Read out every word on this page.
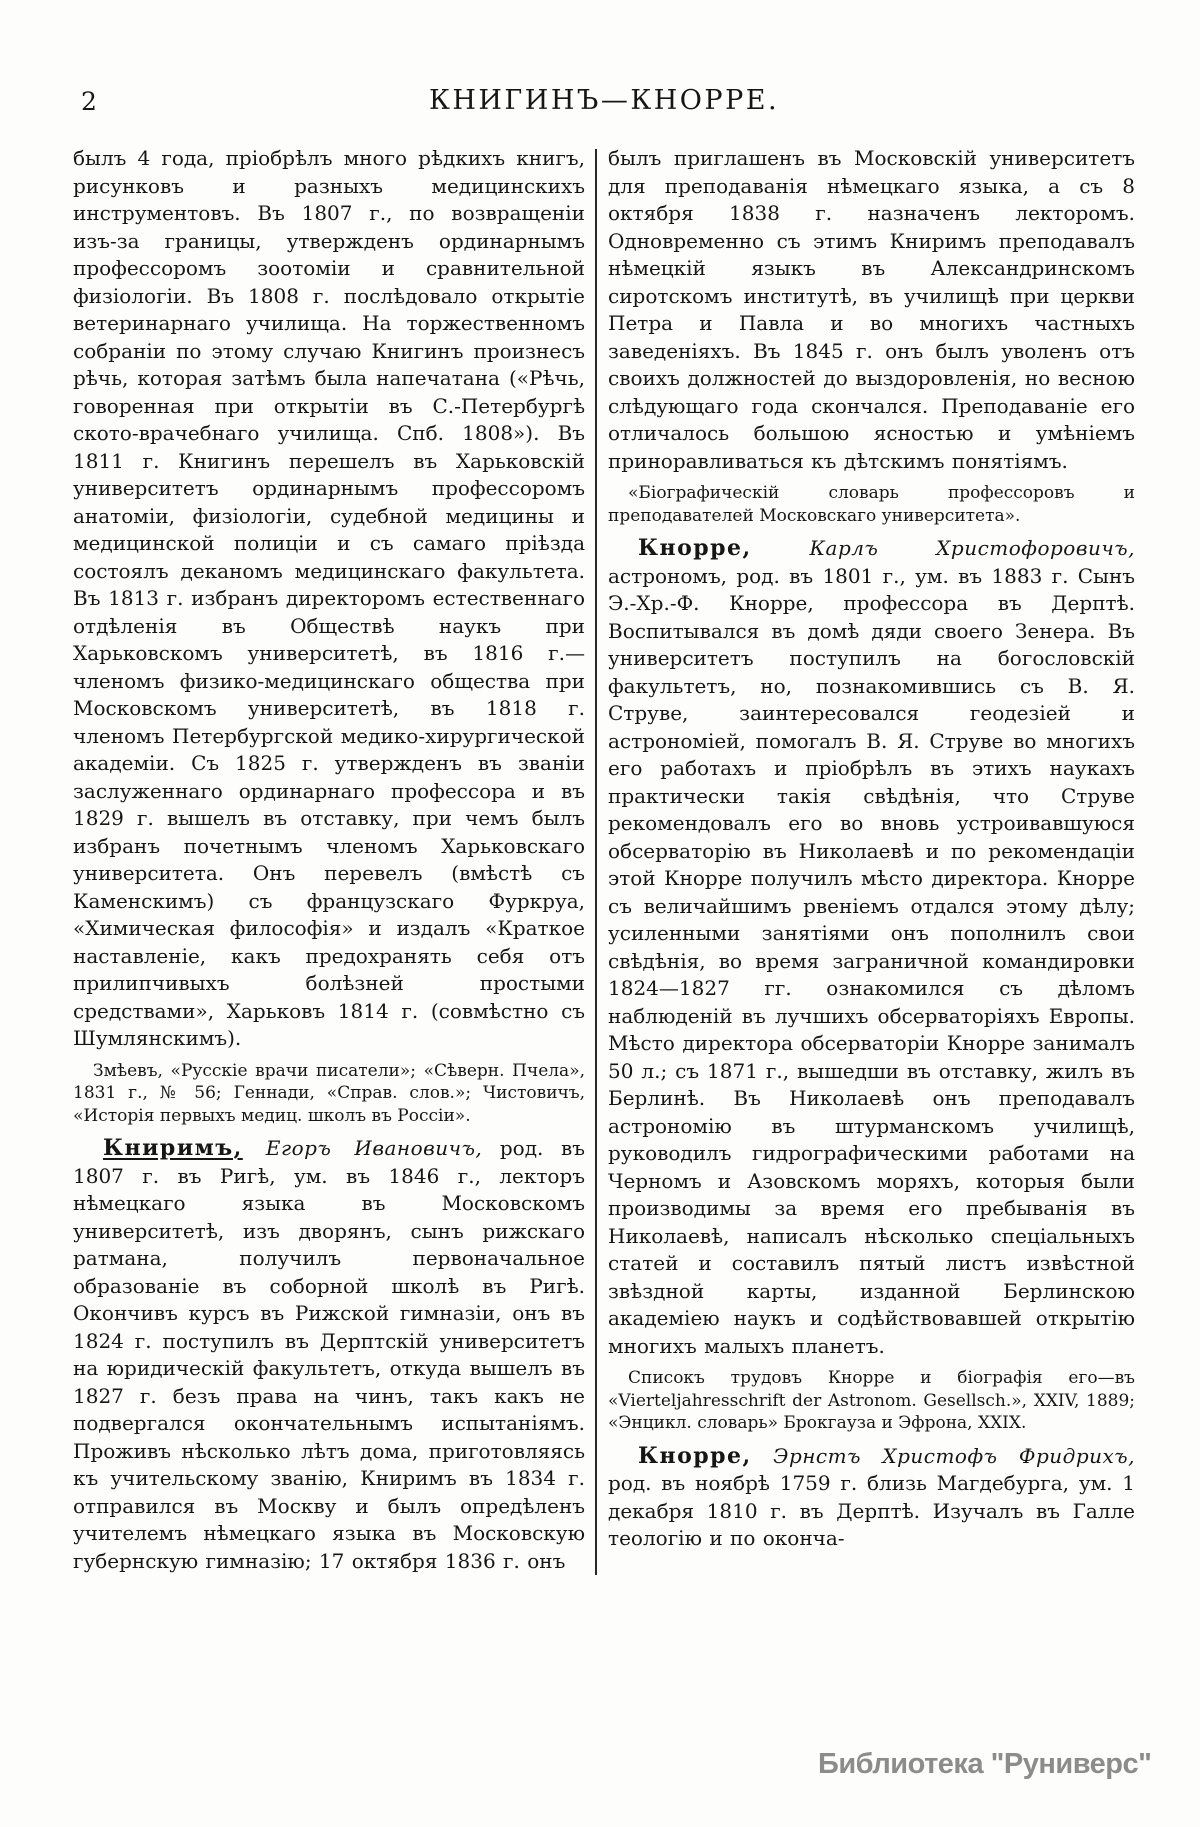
2	КНИГИНЪ—КНОРРЕ.

былъ 4 года, пріобрѣлъ много рѣдкихъ книгъ, рисунковъ и разныхъ медицинскихъ инструментовъ. Въ 1807 г., по возвращеніи изъ-за границы, утвержденъ ординарнымъ профессоромъ зоотоміи и сравнительной физіологіи. Въ 1808 г. послѣдовало открытіе ветеринарнаго училища. На торжественномъ собраніи по этому случаю Книгинъ произнесъ рѣчь, которая затѣмъ была напечатана («Рѣчь, говоренная при открытіи въ С.-Петербургѣ ското-врачебнаго училища. Спб. 1808»). Въ 1811 г. Книгинъ перешелъ въ Харьковскій университетъ ординарнымъ профессоромъ анатоміи, физіологіи, судебной медицины и медицинской полиціи и съ самаго пріѣзда состоялъ деканомъ медицинскаго факультета. Въ 1813 г. избранъ директоромъ естественнаго отдѣленія въ Обществѣ наукъ при Харьковскомъ университетѣ, въ 1816 г.—членомъ физико-медицинскаго общества при Московскомъ университетѣ, въ 1818 г. членомъ Петербургской медико-хирургической академіи. Съ 1825 г. утвержденъ въ званіи заслуженнаго ординарнаго профессора и въ 1829 г. вышелъ въ отставку, при чемъ былъ избранъ почетнымъ членомъ Харьковскаго университета. Онъ перевелъ (вмѣстѣ съ Каменскимъ) съ французскаго Фуркруа, «Химическая философія» и издалъ «Краткое наставленіе, какъ предохранять себя отъ прилипчивыхъ болѣзней простыми средствами», Харьковъ 1814 г. (совмѣстно съ Шумлянскимъ).

Змѣевъ, «Русскіе врачи писатели»; «Сѣверн. Пчела», 1831 г., № 56; Геннади, «Справ. слов.»; Чистовичъ, «Исторія первыхъ медиц. школъ въ Россіи».

Книримъ, Егоръ Ивановичъ, род. въ 1807 г. въ Ригѣ, ум. въ 1846 г., лекторъ нѣмецкаго языка въ Московскомъ университетѣ, изъ дворянъ, сынъ рижскаго ратмана, получилъ первоначальное образованіе въ соборной школѣ въ Ригѣ. Окончивъ курсъ въ Рижской гимназіи, онъ въ 1824 г. поступилъ въ Дерптскій университетъ на юридическій факультетъ, откуда вышелъ въ 1827 г. безъ права на чинъ, такъ какъ не подвергался окончательнымъ испытаніямъ. Проживъ нѣсколько лѣтъ дома, приготовляясь къ учительскому званію, Книримъ въ 1834 г. отправился въ Москву и былъ опредѣленъ учителемъ нѣмецкаго языка въ Московскую губернскую гимназію; 17 октября 1836 г. онъ

былъ приглашенъ въ Московскій университетъ для преподаванія нѣмецкаго языка, а съ 8 октября 1838 г. назначенъ лекторомъ. Одновременно съ этимъ Книримъ преподавалъ нѣмецкій языкъ въ Александринскомъ сиротскомъ институтѣ, въ училищѣ при церкви Петра и Павла и во многихъ частныхъ заведеніяхъ. Въ 1845 г. онъ былъ уволенъ отъ своихъ должностей до выздоровленія, но весною слѣдующаго года скончался. Преподаваніе его отличалось большою ясностью и умѣніемъ приноравливаться къ дѣтскимъ понятіямъ.

«Біографическій словарь профессоровъ и преподавателей Московскаго университета».

Кнорре, Карлъ Христофоровичъ, астрономъ, род. въ 1801 г., ум. въ 1883 г. Сынъ Э.-Хр.-Ф. Кнорре, профессора въ Дерптѣ. Воспитывался въ домѣ дяди своего Зенера. Въ университетъ поступилъ на богословскій факультетъ, но, познакомившись съ В. Я. Струве, заинтересовался геодезіей и астрономіей, помогалъ В. Я. Струве во многихъ его работахъ и пріобрѣлъ въ этихъ наукахъ практически такія свѣдѣнія, что Струве рекомендовалъ его во вновь устроивавшуюся обсерваторію въ Николаевѣ и по рекомендаціи этой Кнорре получилъ мѣсто директора. Кнорре съ величайшимъ рвеніемъ отдался этому дѣлу; усиленными занятіями онъ пополнилъ свои свѣдѣнія, во время заграничной командировки 1824—1827 гг. ознакомился съ дѣломъ наблюденій въ лучшихъ обсерваторіяхъ Европы. Мѣсто директора обсерваторіи Кнорре занималъ 50 л.; съ 1871 г., вышедши въ отставку, жилъ въ Берлинѣ. Въ Николаевѣ онъ преподавалъ астрономію въ штурманскомъ училищѣ, руководилъ гидрографическими работами на Черномъ и Азовскомъ моряхъ, которыя были производимы за время его пребыванія въ Николаевѣ, написалъ нѣсколько спеціальныхъ статей и составилъ пятый листъ извѣстной звѣздной карты, изданной Берлинскою академіею наукъ и содѣйствовавшей открытію многихъ малыхъ планетъ.

Списокъ трудовъ Кнорре и біографія его—въ «Vierteljahresschrift der Astronom. Gesellsch.», XXIV, 1889; «Энцикл. словарь» Брокгауза и Эфрона, XXIX.

Кнорре, Эрнстъ Христофъ Фридрихъ, род. въ ноябрѣ 1759 г. близь Магдебурга, ум. 1 декабря 1810 г. въ Дерптѣ. Изучалъ въ Галле теологію и по оконча-

Библиотека "Руниверс"
